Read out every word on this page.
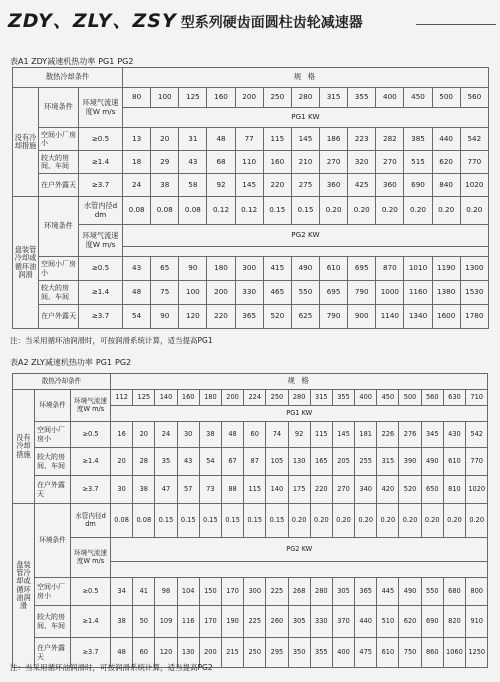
ZDY、ZLY、ZSY 型系列硬齿面圆柱齿轮减速器
表A1 ZDY减速机热功率 PG1 PG2
散热冷却条件			规 格												
没有冷却措施	环境条件	环境气流速度W m/s	80	100	125	160	200	250	280	315	355	400	450	500	560
			PG1 KW												
	空间小厂房小	≥0.5	13	20	31	48	77	115	145	186	223	282	385	440	542
	较大的房间、车间	≥1.4	18	29	43	68	110	160	210	270	320	270	515	620	770
	在户外露天	≥3.7	24	38	58	92	145	220	275	360	425	360	690	840	1020
盘装管冷却或循环油润滑	环境条件	水管内径d dm	0.08	0.08	0.08	0.12	0.12	0.15	0.15	0.20	0.20	0.20	0.20	0.20	0.20
		环境气流速度W m/s	PG2 KW												

	空间小厂房小	≥0.5	43	65	90	180	300	415	490	610	695	870	1010	1190	1300
	较大的房间、车间	≥1.4	48	75	100	200	330	465	550	695	790	1000	1160	1380	1530
	在户外露天	≥3.7	54	90	120	220	365	520	625	790	900	1140	1340	1600	1780
注：当采用循环油润滑时，可按润滑系统计算，适当提高PG1
表A2 ZLY减速机热功率 PG1 PG2
散热冷却条件			规 格																
没有冷却措施	环境条件	环境气流速度W m/s	112	125	140	160	180	200	224	250	280	315	355	400	450	500	560	630	710
			PG1 KW																
	空间小厂房小	≥0.5	16	20	24	30	38	48	60	74	92	115	145	181	226	276	345	430	542
	较大的房间、车间	≥1.4	20	28	35	43	54	67	87	105	130	165	205	255	315	390	490	610	770
	在户外露天	≥3.7	30	38	47	57	73	88	115	140	175	220	270	340	420	520	650	810	1020
盘装管冷却或循环油润滑	环境条件	水管内径d dm	0.08	0.08	0.15	0.15	0.15	0.15	0.15	0.15	0.20	0.20	0.20	0.20	0.20	0.20	0.20	0.20	0.20
		环境气流速度W m/s	PG2 KW																

	空间小厂房小	≥0.5	34	41	98	104	150	170	300	225	268	280	305	365	445	490	550	680	800
	较大的房间、车间	≥1.4	38	50	109	116	170	190	225	260	305	330	370	440	510	620	690	820	910
	在户外露天	≥3.7	48	60	120	130	200	215	250	295	350	355	400	475	610	750	860	1060	1250
注：当采用循环油润滑时，可按润滑系统计算，适当提高PG2
